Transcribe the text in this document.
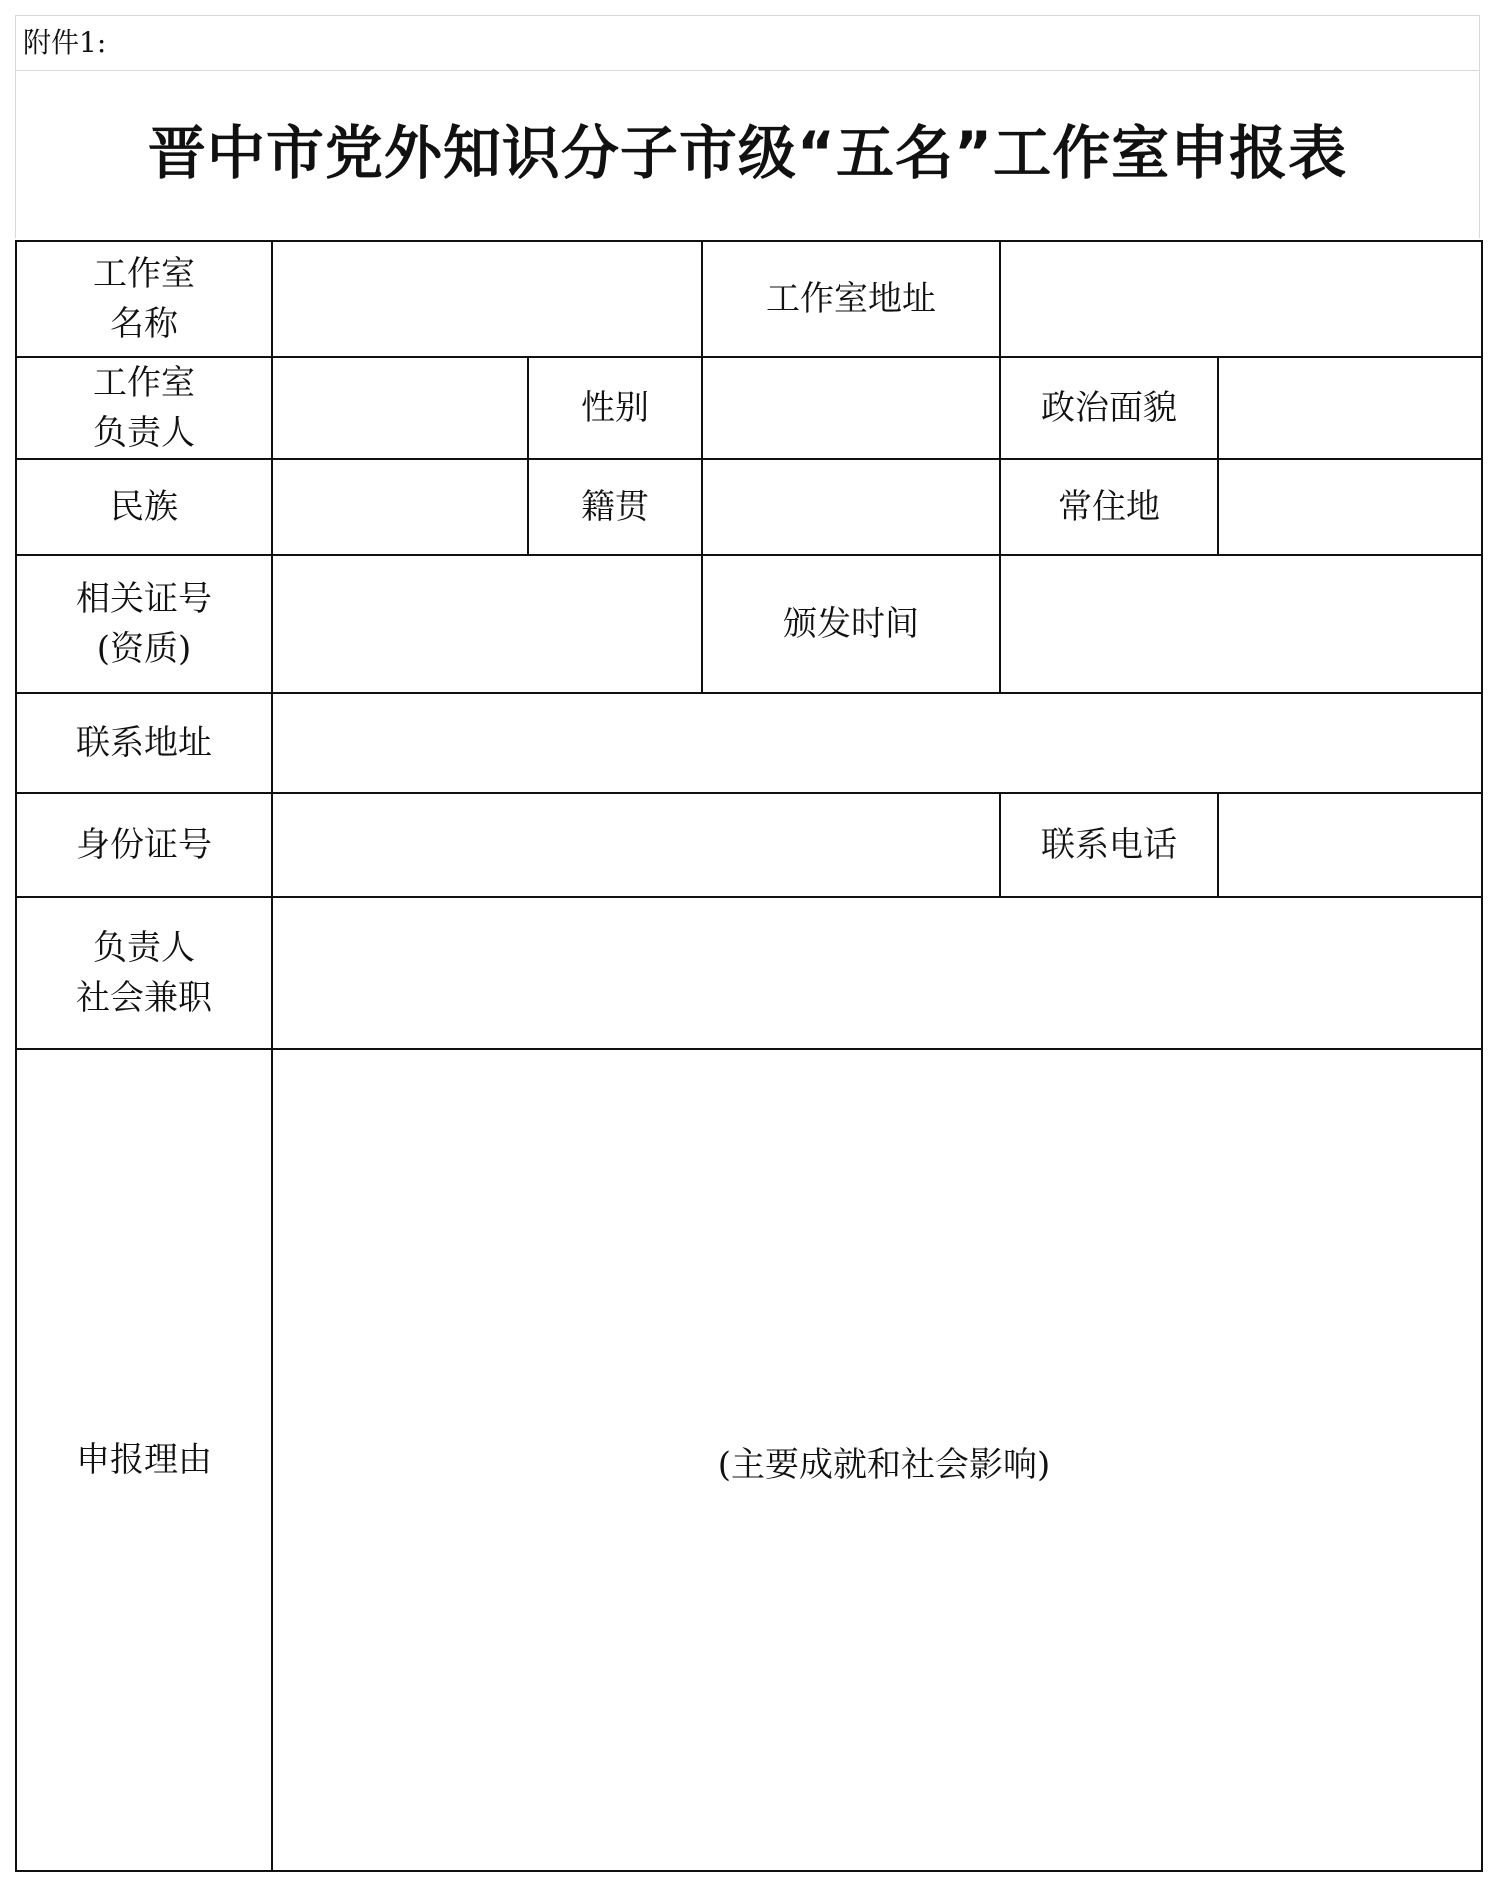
附件1:
晋中市党外知识分子市级“五名”工作室申报表
工作室
名称			工作室地址		
工作室
负责人		性别		政治面貌	
民族		籍贯		常住地	
相关证号
(资质)			颁发时间		
联系地址					
身份证号				联系电话	
负责人
社会兼职					
申报理由	(主要成就和社会影响)				
